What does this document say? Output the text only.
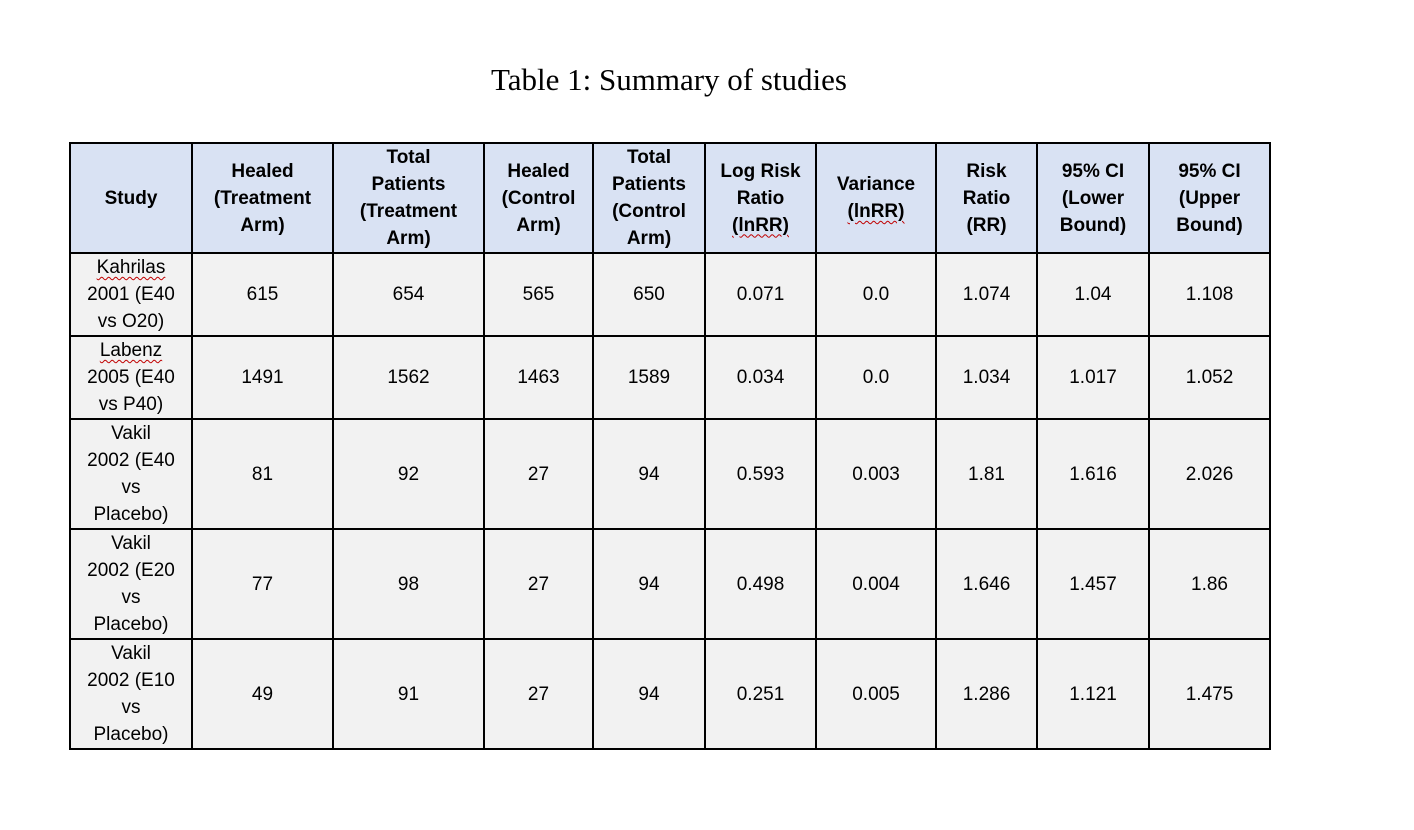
Table 1: Summary of studies
Study	Healed
(Treatment
Arm)	Total
Patients
(Treatment
Arm)	Healed
(Control
Arm)	Total
Patients
(Control
Arm)	Log Risk
Ratio
(lnRR)	Variance
(lnRR)	Risk
Ratio
(RR)	95% CI
(Lower
Bound)	95% CI
(Upper
Bound)
Kahrilas
2001 (E40
vs O20)	615	654	565	650	0.071	0.0	1.074	1.04	1.108
Labenz
2005 (E40
vs P40)	1491	1562	1463	1589	0.034	0.0	1.034	1.017	1.052
Vakil
2002 (E40
vs
Placebo)	81	92	27	94	0.593	0.003	1.81	1.616	2.026
Vakil
2002 (E20
vs
Placebo)	77	98	27	94	0.498	0.004	1.646	1.457	1.86
Vakil
2002 (E10
vs
Placebo)	49	91	27	94	0.251	0.005	1.286	1.121	1.475
